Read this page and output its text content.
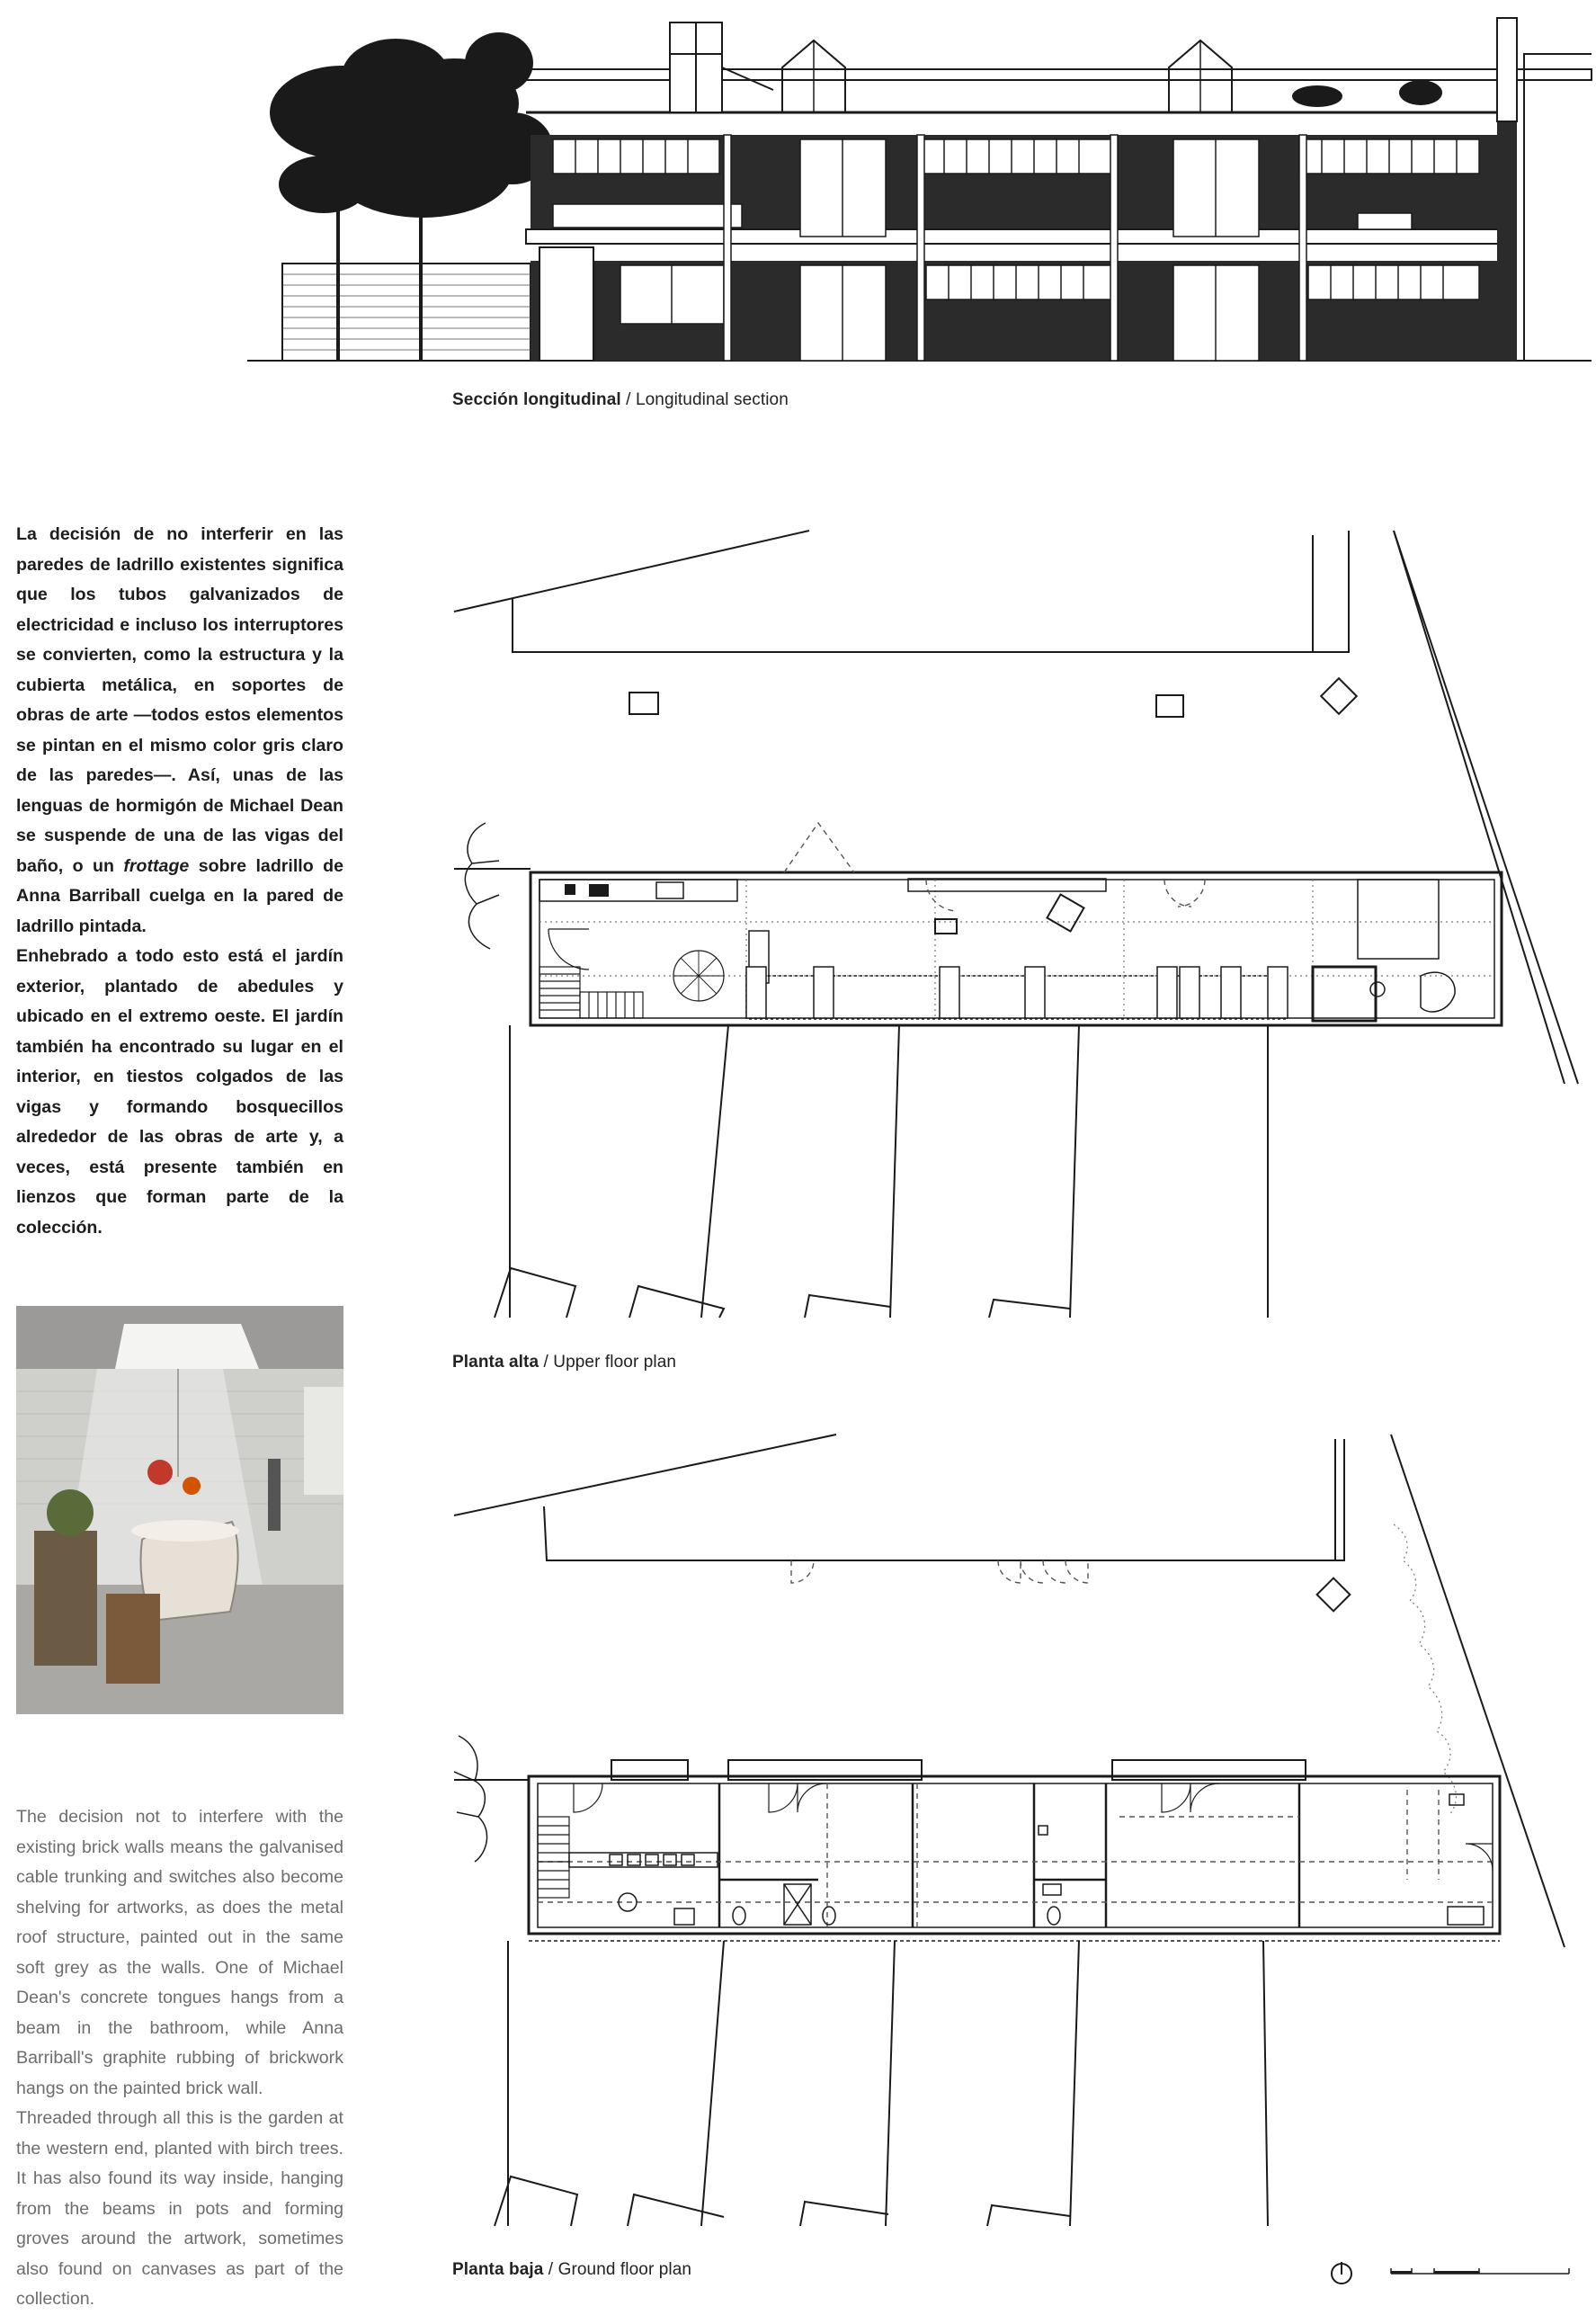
Sección longitudinal / Longitudinal section

La decisión de no interferir en las paredes de ladrillo existentes significa que los tubos galvanizados de electricidad e incluso los interruptores se convierten, como la estructura y la cubierta metálica, en soportes de obras de arte —todos estos elementos se pintan en el mismo color gris claro de las paredes—. Así, unas de las lenguas de hormigón de Michael Dean se suspende de una de las vigas del baño, o un frottage sobre ladrillo de Anna Barriball cuelga en la pared de ladrillo pintada.

Enhebrado a todo esto está el jardín exterior, plantado de abedules y ubicado en el extremo oeste. El jardín también ha encontrado su lugar en el interior, en tiestos colgados de las vigas y formando bosquecillos alrededor de las obras de arte y, a veces, está presente también en lienzos que forman parte de la colección.

The decision not to interfere with the existing brick walls means the galvanised cable trunking and switches also become shelving for artworks, as does the metal roof structure, painted out in the same soft grey as the walls. One of Michael Dean's concrete tongues hangs from a beam in the bathroom, while Anna Barriball's graphite rubbing of brickwork hangs on the painted brick wall.

Threaded through all this is the garden at the western end, planted with birch trees. It has also found its way inside, hanging from the beams in pots and forming groves around the artwork, sometimes also found on canvases as part of the collection.

Planta alta / Upper floor plan
Planta baja / Ground floor plan
